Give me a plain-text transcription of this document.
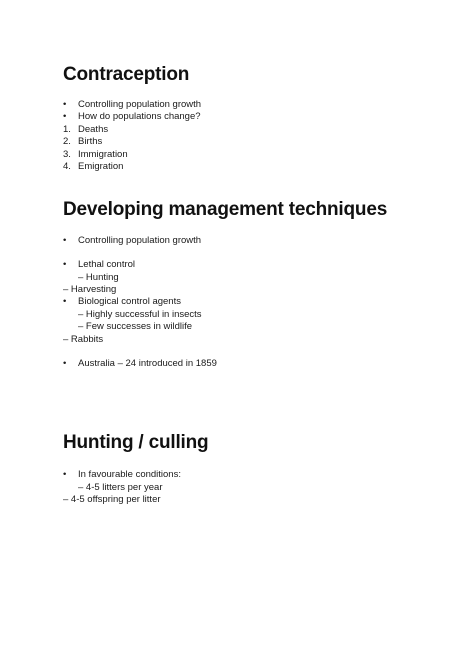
Contraception
• Controlling population growth
• How do populations change?
1. Deaths
2. Births
3. Immigration
4. Emigration
Developing management techniques
• Controlling population growth
• Lethal control
– Hunting
– Harvesting
• Biological control agents
– Highly successful in insects
– Few successes in wildlife
– Rabbits
• Australia – 24 introduced in 1859
Hunting / culling
• In favourable conditions:
– 4-5 litters per year
– 4-5 offspring per litter
